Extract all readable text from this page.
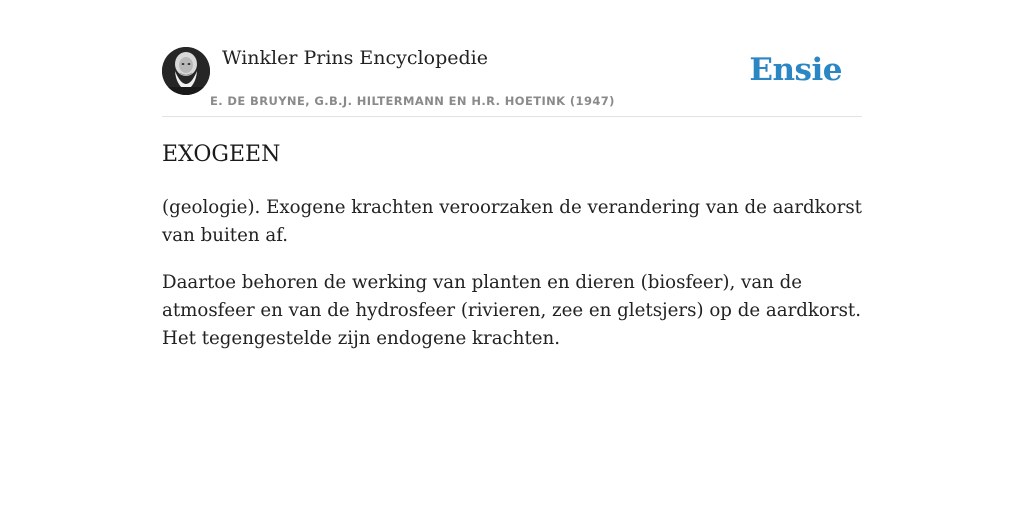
Winkler Prins Encyclopedie
E. DE BRUYNE, G.B.J. HILTERMANN EN H.R. HOETINK (1947)
Ensie
EXOGEEN

(geologie). Exogene krachten veroorzaken de verandering van de aardkorst van buiten af.

Daartoe behoren de werking van planten en dieren (biosfeer), van de atmosfeer en van de hydrosfeer (rivieren, zee en gletsjers) op de aardkorst. Het tegengestelde zijn endogene krachten.
